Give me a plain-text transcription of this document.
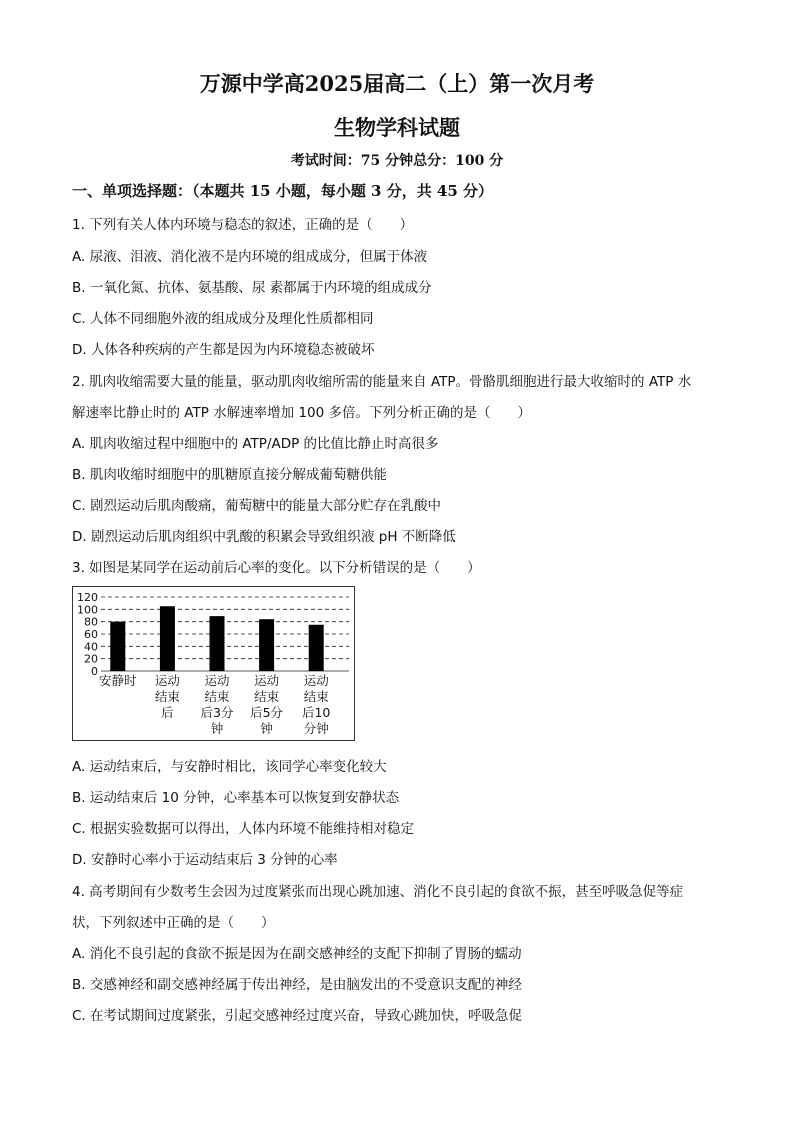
万源中学高2025届高二（上）第一次月考
生物学科试题
考试时间：75 分钟总分：100 分
一、单项选择题：（本题共 15 小题，每小题 3 分，共 45 分）
1. 下列有关人体内环境与稳态的叙述，正确的是（　　）
A. 尿液、泪液、消化液不是内环境的组成成分，但属于体液
B. 一氧化氮、抗体、氨基酸、尿 素都属于内环境的组成成分
C. 人体不同细胞外液的组成成分及理化性质都相同
D. 人体各种疾病的产生都是因为内环境稳态被破坏
2. 肌肉收缩需要大量的能量，驱动肌肉收缩所需的能量来自 ATP。骨骼肌细胞进行最大收缩时的 ATP 水
解速率比静止时的 ATP 水解速率增加 100 多倍。下列分析正确的是（　　）
A. 肌肉收缩过程中细胞中的 ATP/ADP 的比值比静止时高很多
B. 肌肉收缩时细胞中的肌糖原直接分解成葡萄糖供能
C. 剧烈运动后肌肉酸痛，葡萄糖中的能量大部分贮存在乳酸中
D. 剧烈运动后肌肉组织中乳酸的积累会导致组织液 pH 不断降低
3. 如图是某同学在运动前后心率的变化。以下分析错误的是（　　）
0
20
40
60
80
100
120
安静时 运动
结束
后
运动
结束
后3分
钟
运动
结束
后5分
钟
运动
结束
后10
分钟
A. 运动结束后，与安静时相比，该同学心率变化较大
B. 运动结束后 10 分钟，心率基本可以恢复到安静状态
C. 根据实验数据可以得出，人体内环境不能维持相对稳定
D. 安静时心率小于运动结束后 3 分钟的心率
4. 高考期间有少数考生会因为过度紧张而出现心跳加速、消化不良引起的食欲不振，甚至呼吸急促等症
状，下列叙述中正确的是（　　）
A. 消化不良引起的食欲不振是因为在副交感神经的支配下抑制了胃肠的蠕动
B. 交感神经和副交感神经属于传出神经，是由脑发出的不受意识支配的神经
C. 在考试期间过度紧张，引起交感神经过度兴奋，导致心跳加快，呼吸急促
